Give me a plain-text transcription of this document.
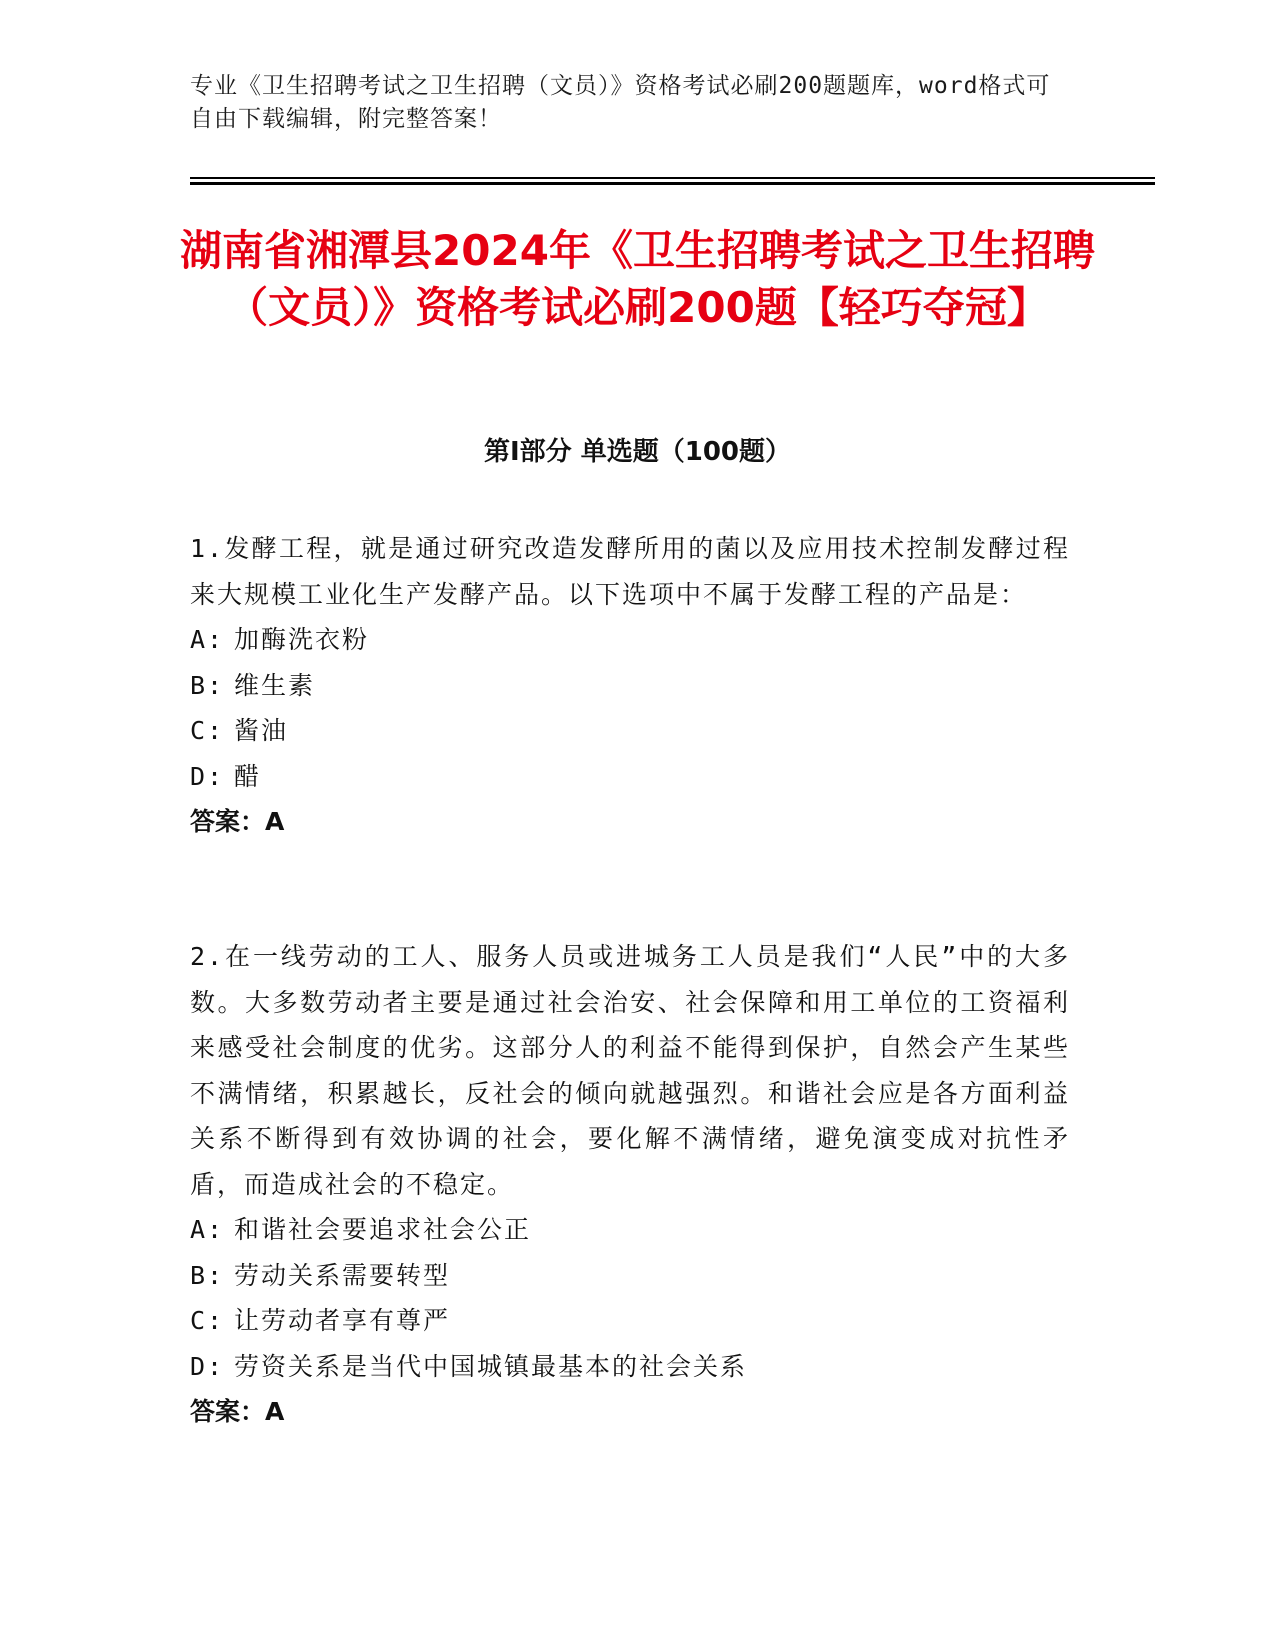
专业《卫生招聘考试之卫生招聘（文员）》资格考试必刷200题题库，word格式可自由下载编辑，附完整答案！
湖南省湘潭县2024年《卫生招聘考试之卫生招聘（文员）》资格考试必刷200题【轻巧夺冠】
第I部分 单选题（100题）

1.发酵工程，就是通过研究改造发酵所用的菌以及应用技术控制发酵过程来大规模工业化生产发酵产品。以下选项中不属于发酵工程的产品是：

A: 加酶洗衣粉
B: 维生素
C: 酱油
D: 醋
答案：A

2.在一线劳动的工人、服务人员或进城务工人员是我们“人民”中的大多数。大多数劳动者主要是通过社会治安、社会保障和用工单位的工资福利来感受社会制度的优劣。这部分人的利益不能得到保护，自然会产生某些不满情绪，积累越长，反社会的倾向就越强烈。和谐社会应是各方面利益关系不断得到有效协调的社会，要化解不满情绪，避免演变成对抗性矛盾，而造成社会的不稳定。

A: 和谐社会要追求社会公正
B: 劳动关系需要转型
C: 让劳动者享有尊严
D: 劳资关系是当代中国城镇最基本的社会关系
答案：A
